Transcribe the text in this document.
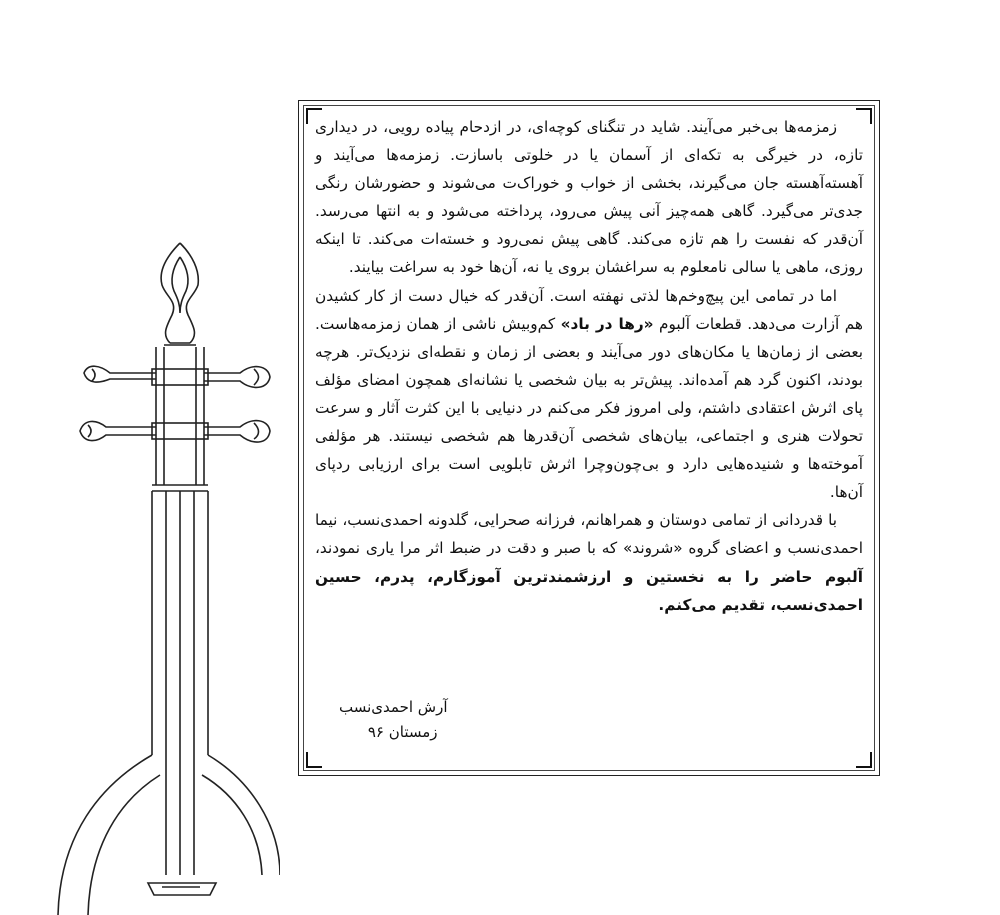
زمزمه‌ها بی‌خبر می‌آیند. شاید در تنگنای کوچه‌ای، در ازدحام پیاده رویی، در دیداری تازه، در خیرگی به تکه‌ای از آسمان یا در خلوتی باسازت. زمزمه‌ها می‌آیند و آهسته‌آهسته جان می‌گیرند، بخشی از خواب و خوراک‌ت می‌شوند و حضورشان رنگی جدی‌تر می‌گیرد. گاهی همه‌چیز آنی پیش می‌رود، پرداخته می‌شود و به انتها می‌رسد. آن‌قدر که نفست را هم تازه می‌کند. گاهی پیش نمی‌رود و خسته‌ات می‌کند. تا اینکه روزی، ماهی یا سالی نامعلوم به سراغشان بروی یا نه، آن‌ها خود به سراغت بیایند.

اما در تمامی این پیچ‌وخم‌ها لذتی نهفته است. آن‌قدر که خیال دست از کار کشیدن هم آزارت می‌دهد. قطعات آلبوم «رها در باد» کم‌وبیش ناشی از همان زمزمه‌هاست. بعضی از زمان‌ها یا مکان‌های دور می‌آیند و بعضی از زمان و نقطه‌ای نزدیک‌تر. هرچه بودند، اکنون گرد هم آمده‌اند. پیش‌تر به بیان شخصی یا نشانه‌ای همچون امضای مؤلف پای اثرش اعتقادی داشتم، ولی امروز فکر می‌کنم در دنیایی با این کثرت آثار و سرعت تحولات هنری و اجتماعی، بیان‌های شخصی آن‌قدرها هم شخصی نیستند. هر مؤلفی آموخته‌ها و شنیده‌هایی دارد و بی‌چون‌وچرا اثرش تابلویی است برای ارزیابی ردپای آن‌ها.

با قدردانی از تمامی دوستان و همراهانم، فرزانه صحرایی، گلدونه احمدی‌نسب، نیما احمدی‌نسب و اعضای گروه «شروند» که با صبر و دقت در ضبط اثر مرا یاری نمودند، آلبوم حاضر را به نخستین و ارزشمندترین آموزگارم، پدرم، حسین احمدی‌نسب، تقدیم می‌کنم.

آرش احمدی‌نسب
زمستان ۹۶
